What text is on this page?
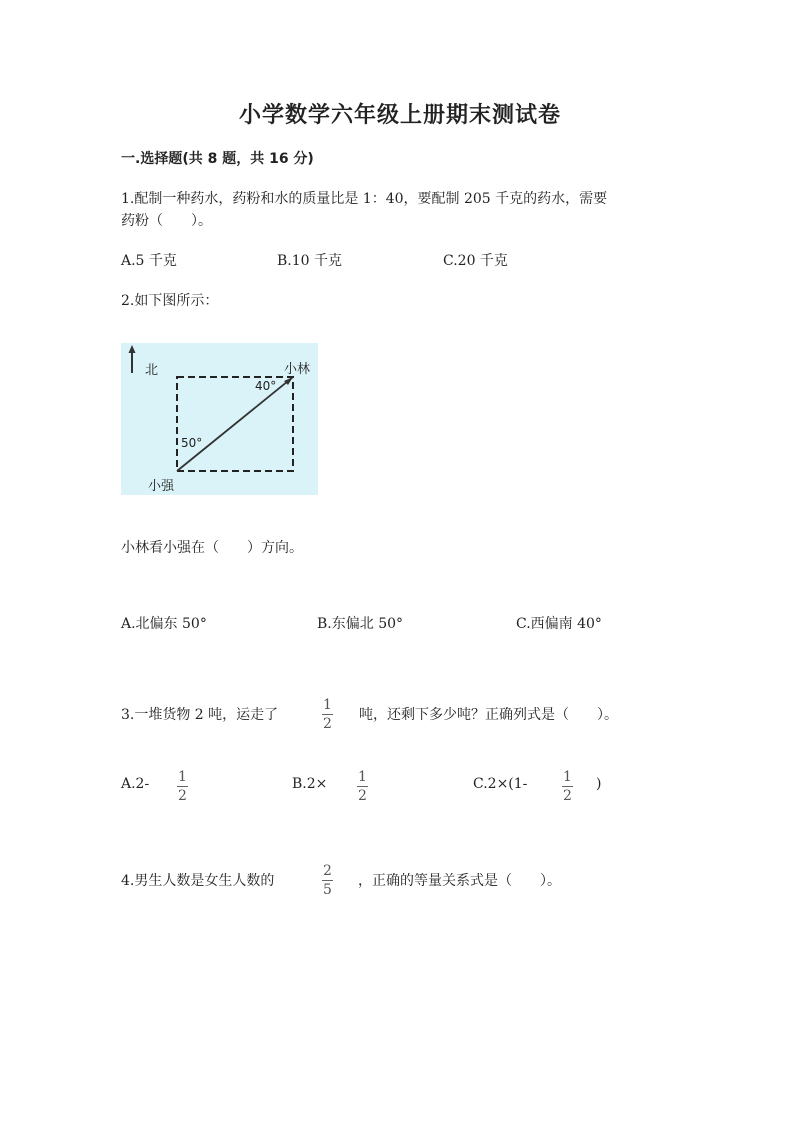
小学数学六年级上册期末测试卷
一.选择题(共 8 题，共 16 分)
1.配制一种药水，药粉和水的质量比是 1：40，要配制 205 千克的药水，需要
药粉（　　）。
A.5 千克	B.10 千克	C.20 千克
2.如下图所示：
北	小林
40°
50°
小强
小林看小强在（　　）方向。
A.北偏东 50°	B.东偏北 50°	C.西偏南 40°
3.一堆货物 2 吨，运走了
1
2
吨，还剩下多少吨？正确列式是（　　）。
A.2- 1
2
B.2× 1
2
C.2×(1-	1
2
)
4.男生人数是女生人数的
2
5
，正确的等量关系式是（　　）。
